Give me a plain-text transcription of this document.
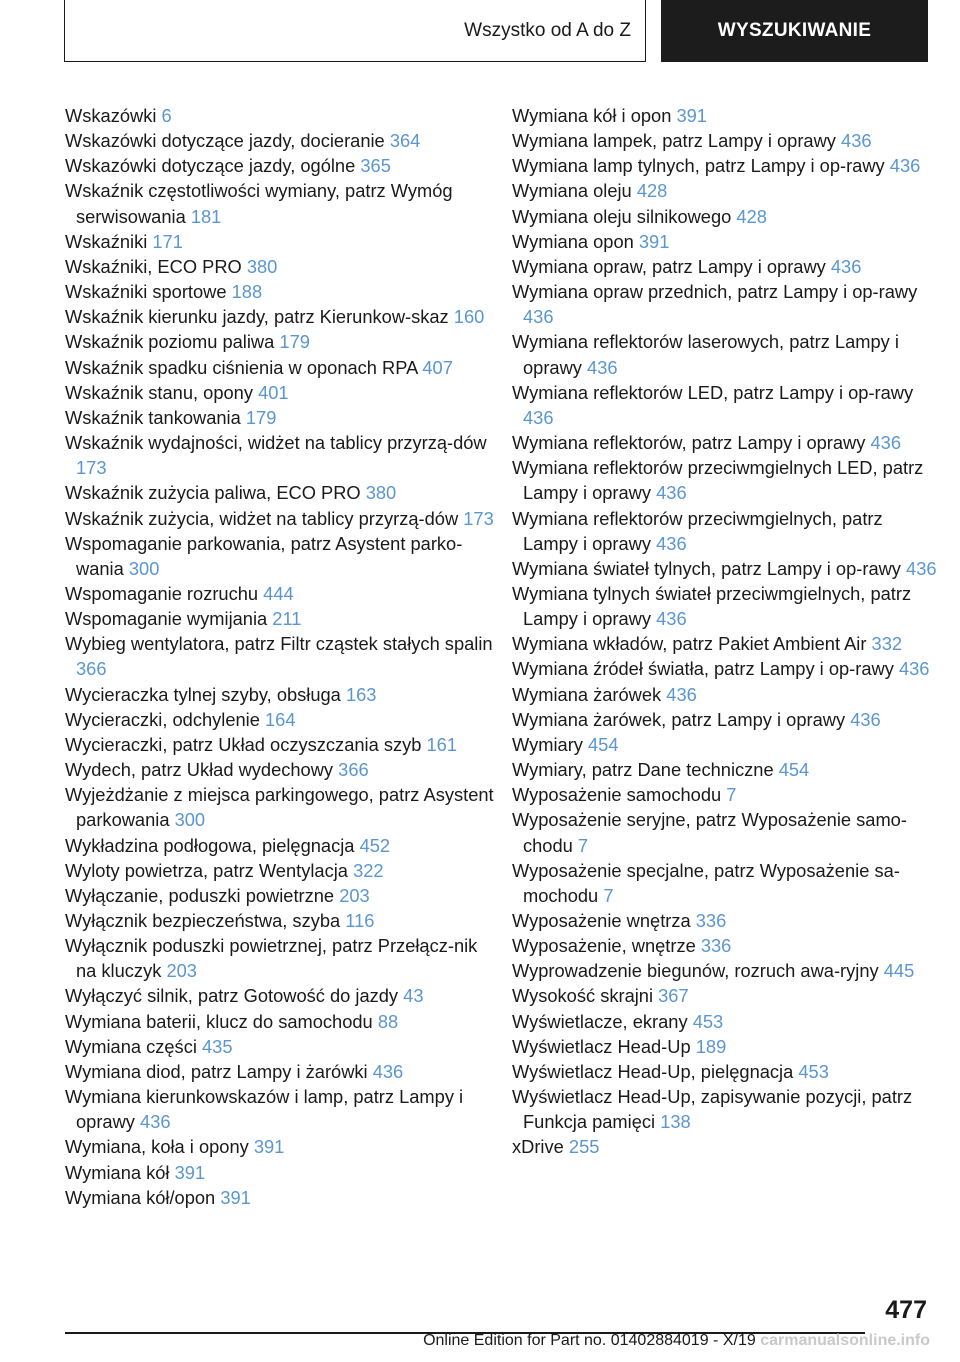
Wszystko od A do Z	WYSZUKIWANIE
Wskazówki 6
Wskazówki dotyczące jazdy, docieranie 364
Wskazówki dotyczące jazdy, ogólne 365
Wskaźnik częstotliwości wymiany, patrz Wymóg serwisowania 181
Wskaźniki 171
Wskaźniki, ECO PRO 380
Wskaźniki sportowe 188
Wskaźnik kierunku jazdy, patrz Kierunkow‐skaz 160
Wskaźnik poziomu paliwa 179
Wskaźnik spadku ciśnienia w oponach RPA 407
Wskaźnik stanu, opony 401
Wskaźnik tankowania 179
Wskaźnik wydajności, widżet na tablicy przyrzą‐dów 173
Wskaźnik zużycia paliwa, ECO PRO 380
Wskaźnik zużycia, widżet na tablicy przyrzą‐dów 173
Wspomaganie parkowania, patrz Asystent parko‐wania 300
Wspomaganie rozruchu 444
Wspomaganie wymijania 211
Wybieg wentylatora, patrz Filtr cząstek stałych spalin 366
Wycieraczka tylnej szyby, obsługa 163
Wycieraczki, odchylenie 164
Wycieraczki, patrz Układ oczyszczania szyb 161
Wydech, patrz Układ wydechowy 366
Wyjeżdżanie z miejsca parkingowego, patrz Asystent parkowania 300
Wykładzina podłogowa, pielęgnacja 452
Wyloty powietrza, patrz Wentylacja 322
Wyłączanie, poduszki powietrzne 203
Wyłącznik bezpieczeństwa, szyba 116
Wyłącznik poduszki powietrznej, patrz Przełącz‐nik na kluczyk 203
Wyłączyć silnik, patrz Gotowość do jazdy 43
Wymiana baterii, klucz do samochodu 88
Wymiana części 435
Wymiana diod, patrz Lampy i żarówki 436
Wymiana kierunkowskazów i lamp, patrz Lampy i oprawy 436
Wymiana, koła i opony 391
Wymiana kół 391
Wymiana kół/opon 391
Wymiana kół i opon 391
Wymiana lampek, patrz Lampy i oprawy 436
Wymiana lamp tylnych, patrz Lampy i op‐rawy 436
Wymiana oleju 428
Wymiana oleju silnikowego 428
Wymiana opon 391
Wymiana opraw, patrz Lampy i oprawy 436
Wymiana opraw przednich, patrz Lampy i op‐rawy 436
Wymiana reflektorów laserowych, patrz Lampy i oprawy 436
Wymiana reflektorów LED, patrz Lampy i op‐rawy 436
Wymiana reflektorów, patrz Lampy i oprawy 436
Wymiana reflektorów przeciwmgielnych LED, patrz Lampy i oprawy 436
Wymiana reflektorów przeciwmgielnych, patrz Lampy i oprawy 436
Wymiana świateł tylnych, patrz Lampy i op‐rawy 436
Wymiana tylnych świateł przeciwmgielnych, patrz Lampy i oprawy 436
Wymiana wkładów, patrz Pakiet Ambient Air 332
Wymiana źródeł światła, patrz Lampy i op‐rawy 436
Wymiana żarówek 436
Wymiana żarówek, patrz Lampy i oprawy 436
Wymiary 454
Wymiary, patrz Dane techniczne 454
Wyposażenie samochodu 7
Wyposażenie seryjne, patrz Wyposażenie samo‐chodu 7
Wyposażenie specjalne, patrz Wyposażenie sa‐mochodu 7
Wyposażenie wnętrza 336
Wyposażenie, wnętrze 336
Wyprowadzenie biegunów, rozruch awa‐ryjny 445
Wysokość skrajni 367
Wyświetlacze, ekrany 453
Wyświetlacz Head-Up 189
Wyświetlacz Head-Up, pielęgnacja 453
Wyświetlacz Head-Up, zapisywanie pozycji, patrz Funkcja pamięci 138
xDrive 255
477
Online Edition for Part no. 01402884019 - X/19 carmanualsonline.info
